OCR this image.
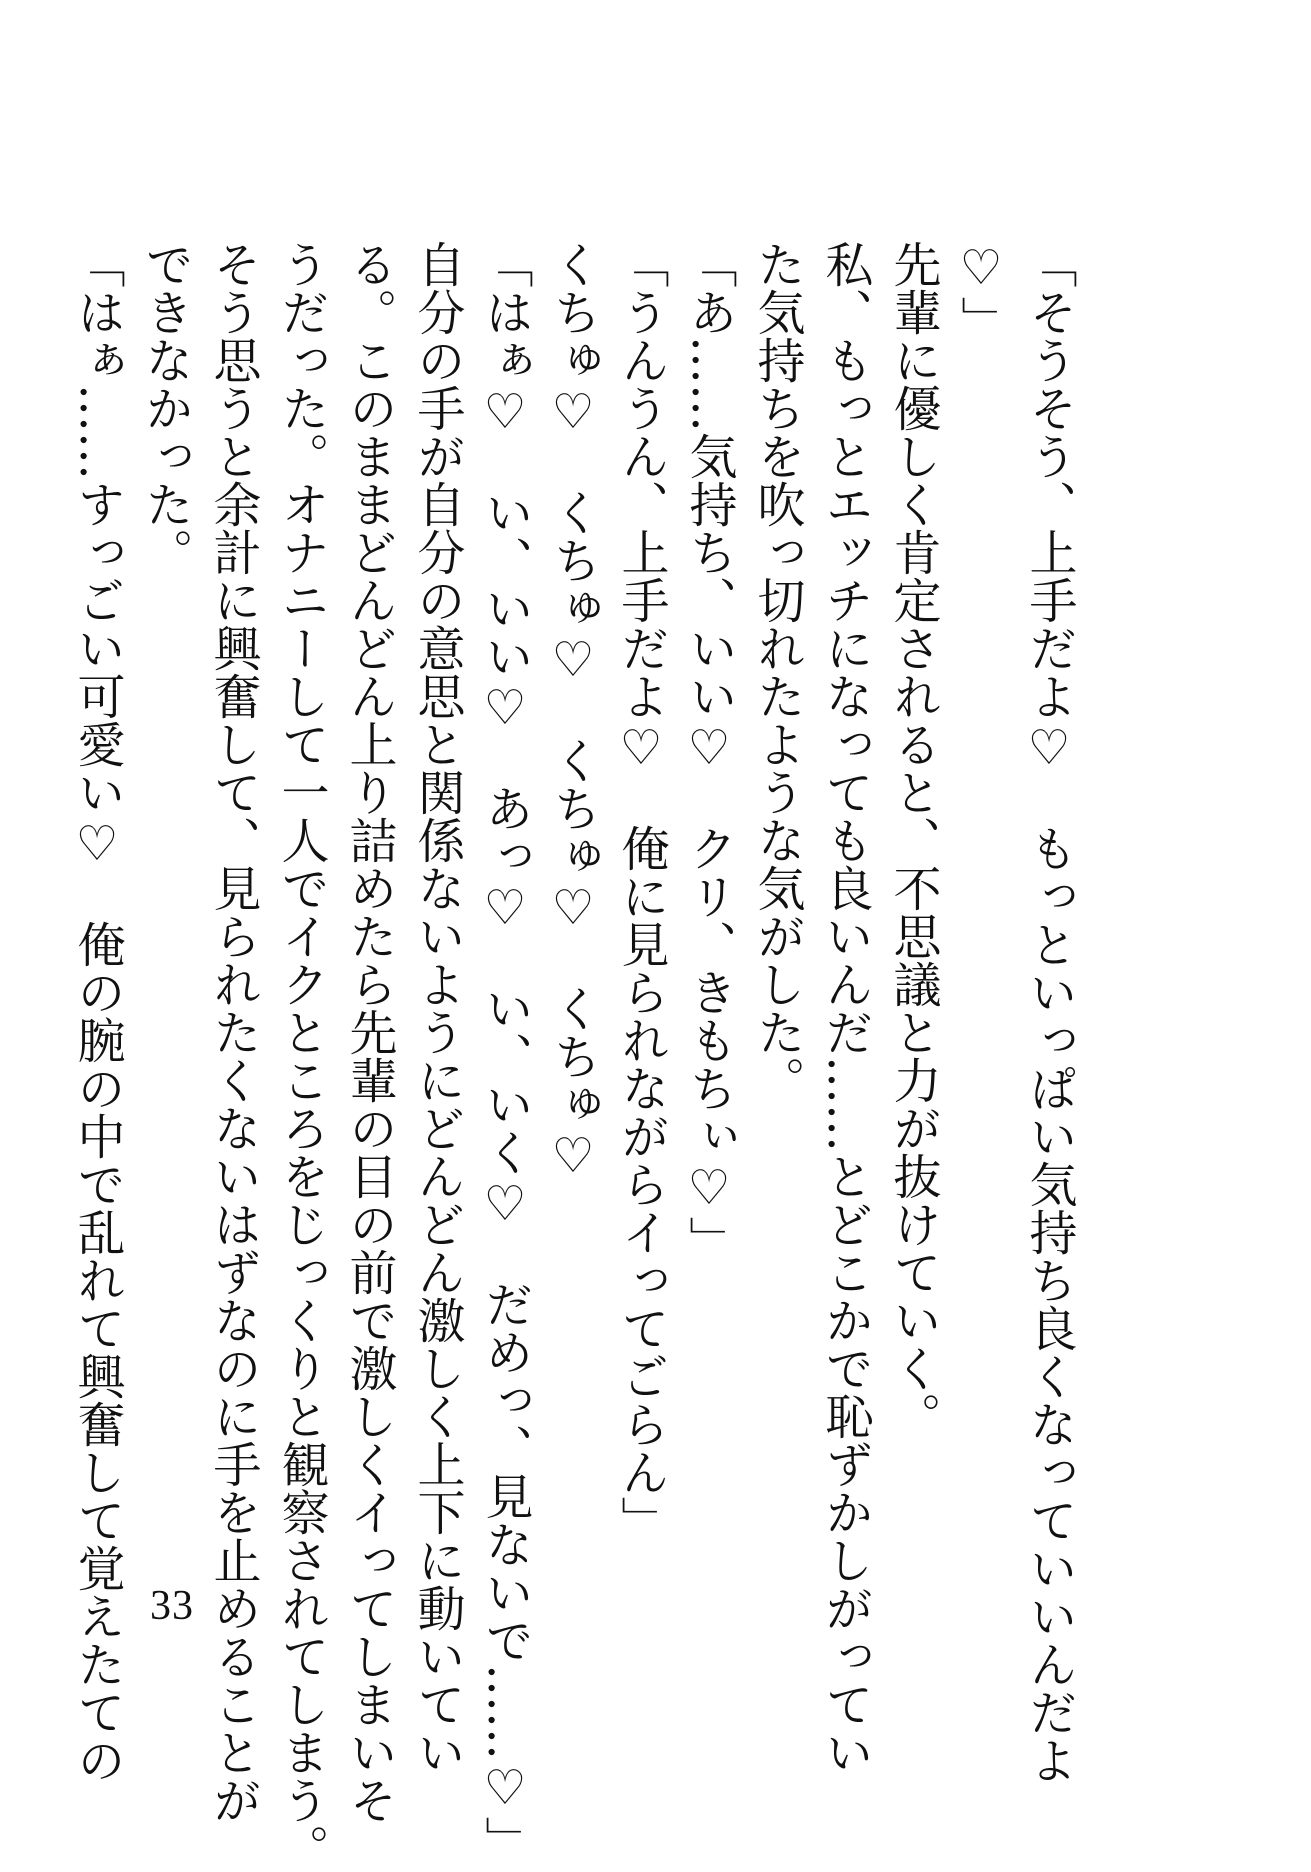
「そうそう、上手だよ♡　もっといっぱい気持ち良くなっていいんだよ
♡」
先輩に優しく肯定されると、不思議と力が抜けていく。
私、もっとエッチになっても良いんだ……とどこかで恥ずかしがってい
た気持ちを吹っ切れたような気がした。
「あ……気持ち、いい♡　クリ、きもちぃ♡」
「うんうん、上手だよ♡　俺に見られながらイってごらん」
くちゅ♡　くちゅ♡　くちゅ♡　くちゅ♡
「はぁ♡　い、いい♡　あっ♡　い、いく♡　だめっ、見ないで……♡」
自分の手が自分の意思と関係ないようにどんどん激しく上下に動いてい
る。このままどんどん上り詰めたら先輩の目の前で激しくイってしまいそ
うだった。オナニーして一人でイクところをじっくりと観察されてしまう。
そう思うと余計に興奮して、見られたくないはずなのに手を止めることが
できなかった。
「はぁ……すっごい可愛い♡　俺の腕の中で乱れて興奮して覚えたての 33
